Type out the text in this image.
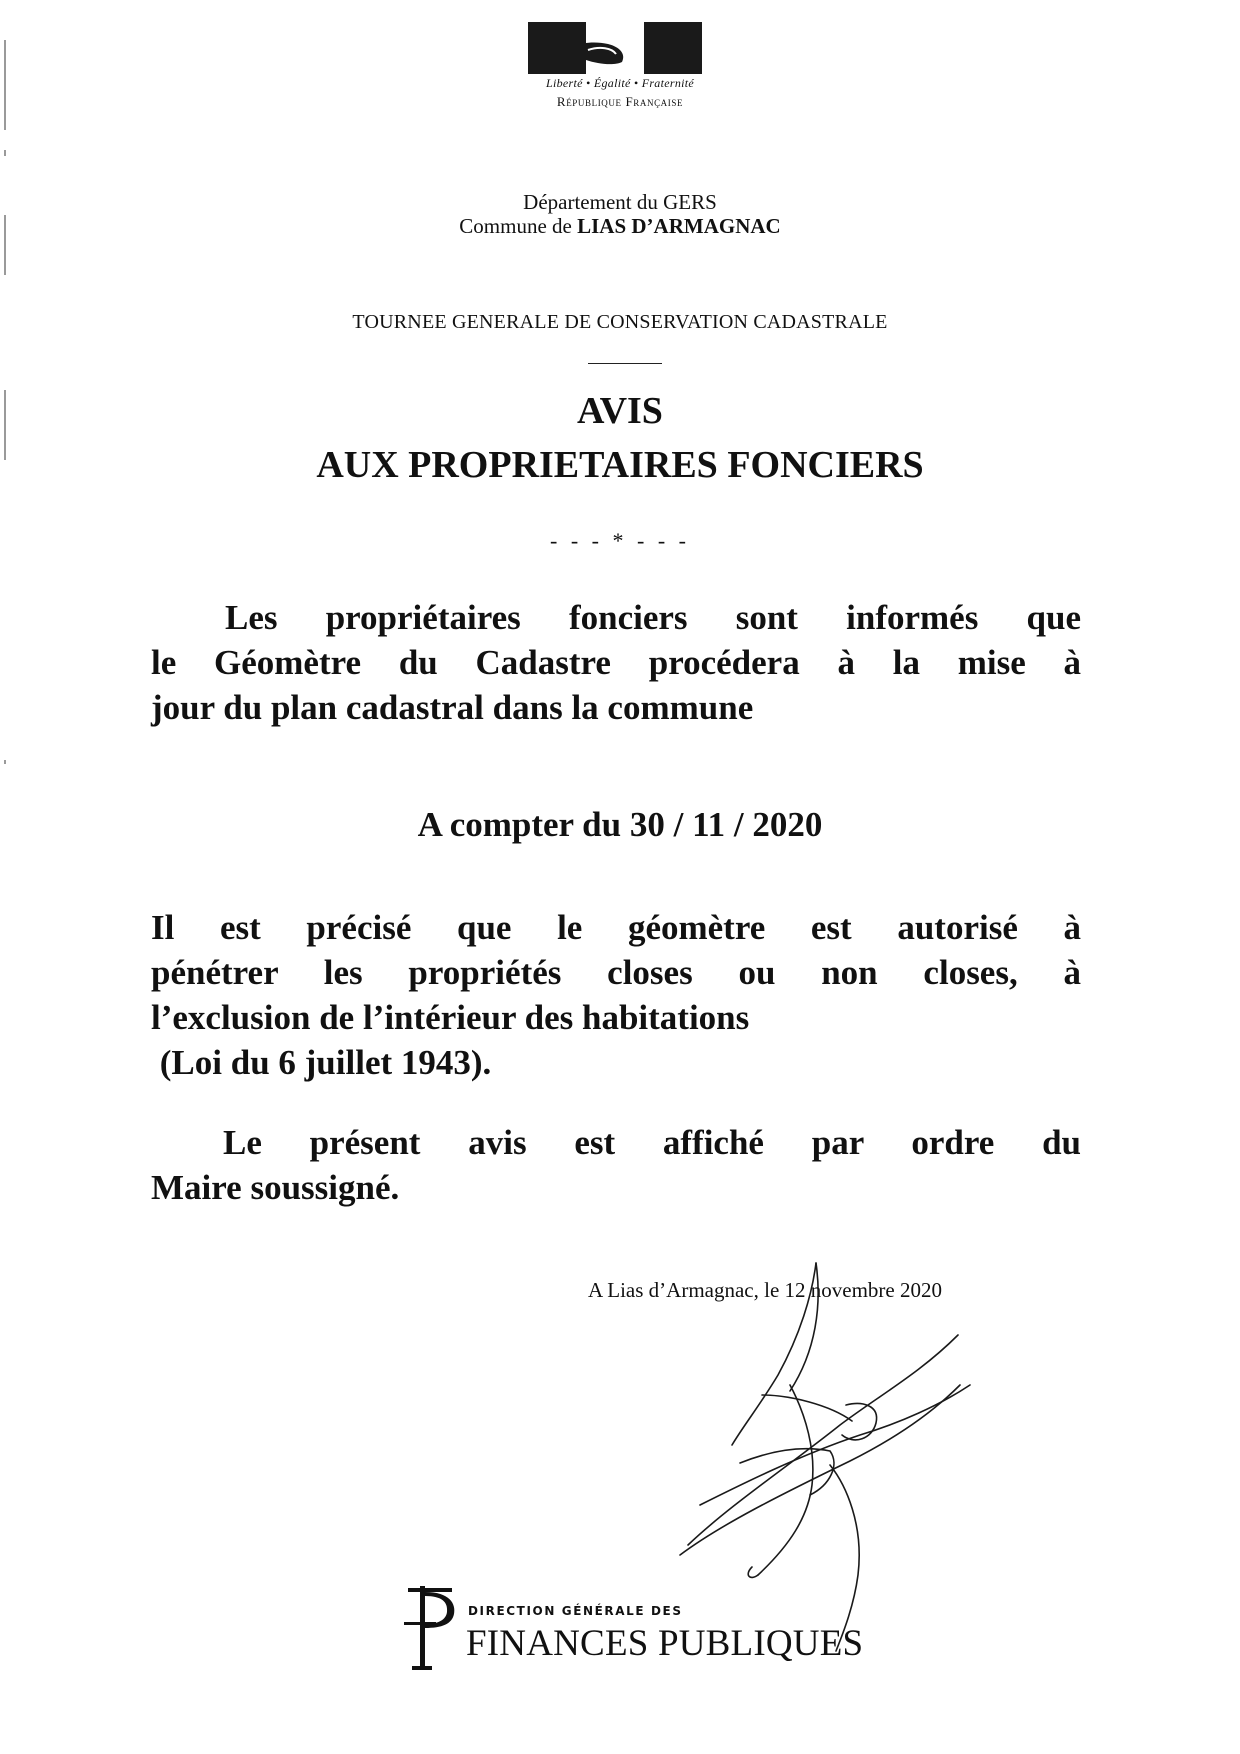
Liberté • Égalité • Fraternité
République Française
Département du GERS
Commune de LIAS D’ARMAGNAC
TOURNEE GENERALE DE CONSERVATION CADASTRALE
AVIS
AUX PROPRIETAIRES FONCIERS
- - - * - - -
Les propriétaires fonciers sont informés que
le Géomètre du Cadastre procédera à la mise à
jour du plan cadastral dans la commune
A compter du 30 / 11 / 2020
Il est précisé que le géomètre est autorisé à
pénétrer les propriétés closes ou non closes, à
l’exclusion de l’intérieur des habitations
(Loi du 6 juillet 1943).
Le présent avis est affiché par ordre du
Maire soussigné.
A Lias d’Armagnac, le 12 novembre 2020
DIRECTION GÉNÉRALE DES
FINANCES PUBLIQUES
